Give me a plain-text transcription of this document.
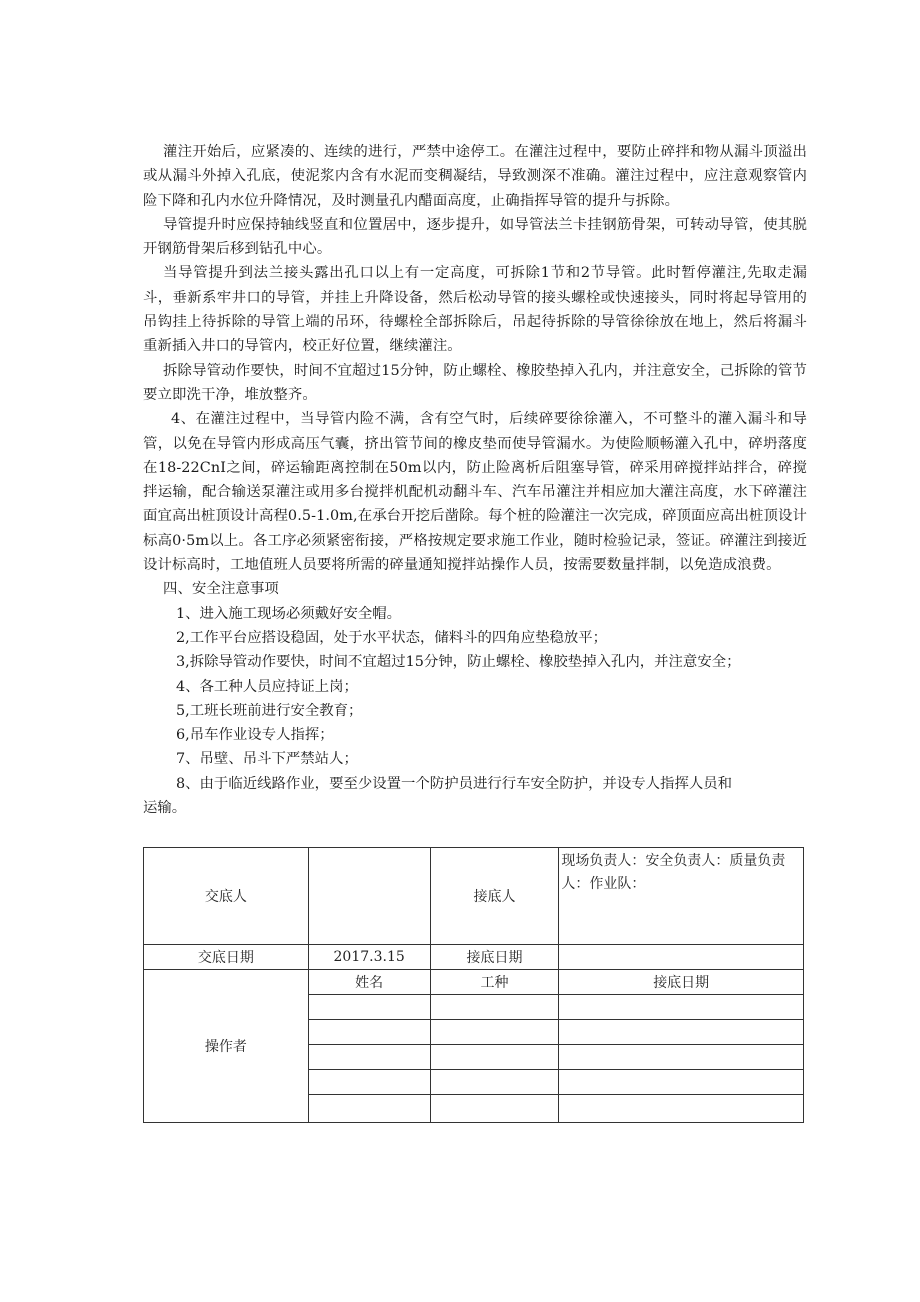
灌注开始后，应紧凑的、连续的进行，严禁中途停工。在灌注过程中，要防止碎拌和物从漏斗顶溢出或从漏斗外掉入孔底，使泥浆内含有水泥而变稠凝结，导致测深不准确。灌注过程中，应注意观察管内险下降和孔内水位升降情况，及时测量孔内醋面高度，止确指挥导管的提升与拆除。

导管提升时应保持轴线竖直和位置居中，逐步提升，如导管法兰卡挂钢筋骨架，可转动导管，使其脱开钢筋骨架后移到钻孔中心。

当导管提升到法兰接头露出孔口以上有一定高度，可拆除1节和2节导管。此时暂停灌注,先取走漏斗，垂新系牢井口的导管，并挂上升降设备，然后松动导管的接头螺栓或快速接头，同时将起导管用的吊钩挂上待拆除的导管上端的吊环，待螺栓全部拆除后，吊起待拆除的导管徐徐放在地上，然后将漏斗重新插入井口的导管内，校正好位置，继续灌注。

拆除导管动作要快，时间不宜超过15分钟，防止螺栓、橡胶垫掉入孔内，并注意安全，己拆除的管节要立即洗干净，堆放整齐。

4、在灌注过程中，当导管内险不满，含有空气时，后续碎要徐徐灌入，不可整斗的灌入漏斗和导管，以免在导管内形成高压气囊，挤出管节间的橡皮垫而使导管漏水。为使险顺畅灌入孔中，碎坍落度在18-22CnI之间，碎运输距离控制在50m以内，防止险离析后阻塞导管，碎采用碎搅拌站拌合，碎搅拌运输，配合输送泵灌注或用多台搅拌机配机动翻斗车、汽车吊灌注并相应加大灌注高度，水下碎灌注面宜高出桩顶设计高程0.5-1.0m,在承台开挖后凿除。每个桩的险灌注一次完成，碎顶面应高出桩顶设计标高0·5m以上。各工序必须紧密衔接，严格按规定要求施工作业，随时检验记录，签证。碎灌注到接近设计标高时，工地值班人员要将所需的碎量通知搅拌站操作人员，按需要数量拌制，以免造成浪费。

四、安全注意事项

1、进入施工现场必须戴好安全帽。
2,工作平台应搭设稳固，处于水平状态，储料斗的四角应垫稳放平；
3,拆除导管动作要快，时间不宜超过15分钟，防止螺栓、橡胶垫掉入孔内，并注意安全；
4、各工种人员应持证上岗；
5,工班长班前进行安全教育；
6,吊车作业设专人指挥；
7、吊壁、吊斗下严禁站人；
8、由于临近线路作业，要至少设置一个防护员进行行车安全防护，并设专人指挥人员和
运输。
交底人		接底人	现场负责人：安全负责人：质量负责人：作业队：
交底日期	2017.3.15	接底日期	
操作者	姓名	工种	接底日期
